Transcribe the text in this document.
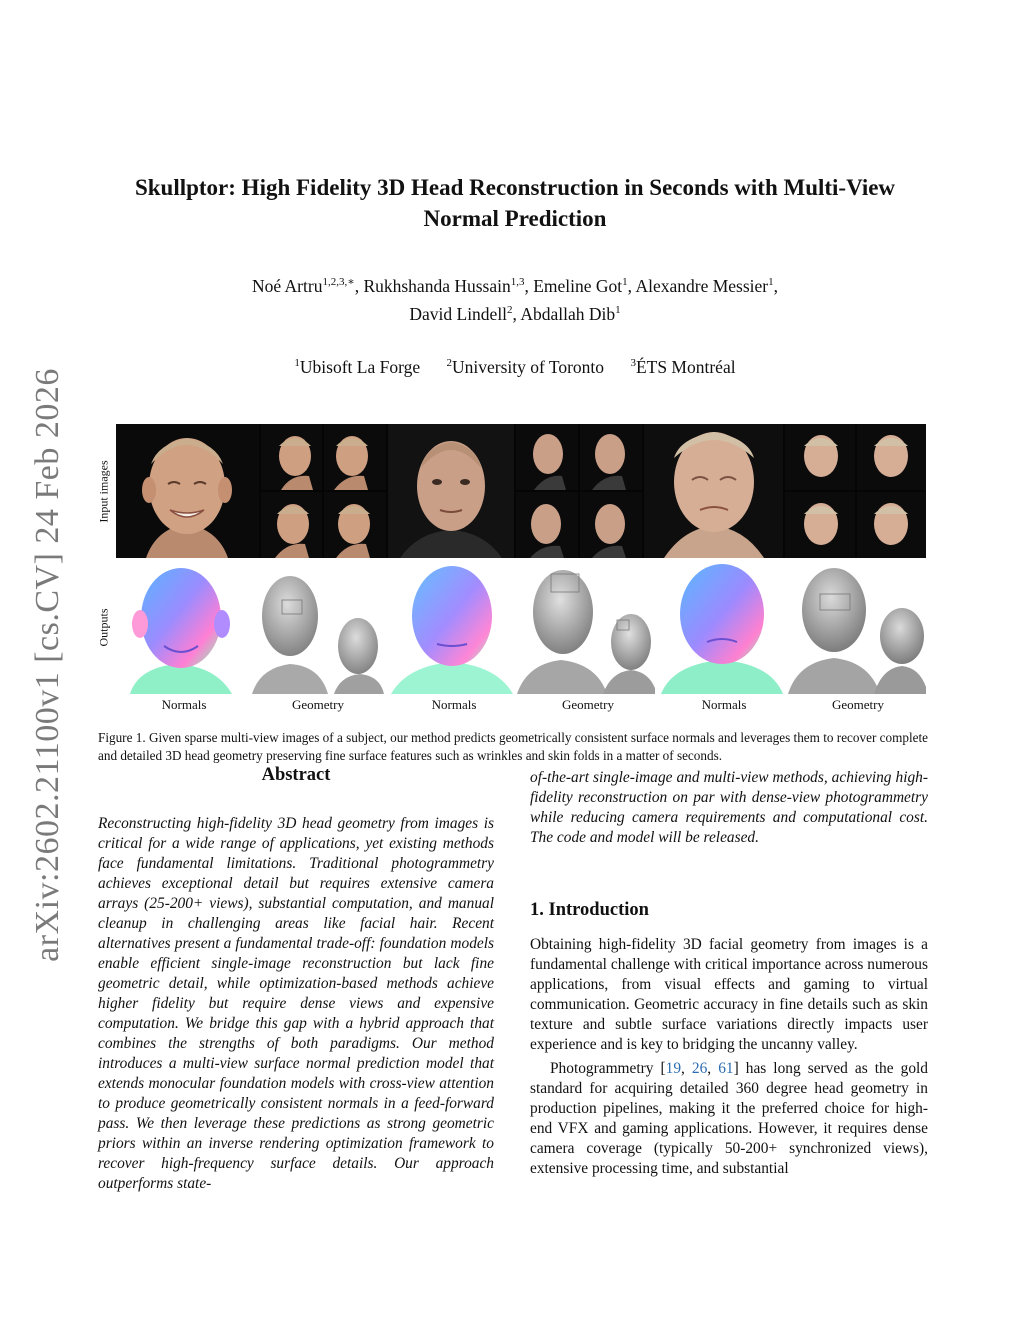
arXiv:2602.21100v1 [cs.CV] 24 Feb 2026
Skullptor: High Fidelity 3D Head Reconstruction in Seconds with Multi-View
Normal Prediction
Noé Artru$^{1,2,3,∗}$, Rukhshanda Hussain$^{1,3}$, Emeline Got$^1$, Alexandre Messier$^1$,
David Lindell$^2$, Abdallah Dib$^1$
$^1$Ubisoft La Forge $^2$University of Toronto $^3$ÉTS Montréal
Input images
Outputs
Normals	Geometry	Normals	Geometry	Normals	Geometry
Figure 1. Given sparse multi-view images of a subject, our method predicts geometrically consistent surface normals and leverages them to recover complete and detailed 3D head geometry preserving fine surface features such as wrinkles and skin folds in a matter of seconds.
Abstract

Reconstructing high-fidelity 3D head geometry from images is critical for a wide range of applications, yet existing methods face fundamental limitations. Traditional photogrammetry achieves exceptional detail but requires extensive camera arrays (25-200+ views), substantial computation, and manual cleanup in challenging areas like facial hair. Recent alternatives present a fundamental trade-off: foundation models enable efficient single-image reconstruction but lack fine geometric detail, while optimization-based methods achieve higher fidelity but require dense views and expensive computation. We bridge this gap with a hybrid approach that combines the strengths of both paradigms. Our method introduces a multi-view surface normal prediction model that extends monocular foundation models with cross-view attention to produce geometrically consistent normals in a feed-forward pass. We then leverage these predictions as strong geometric priors within an inverse rendering optimization framework to recover high-frequency surface details. Our approach outperforms state-

of-the-art single-image and multi-view methods, achieving high-fidelity reconstruction on par with dense-view photogrammetry while reducing camera requirements and computational cost. The code and model will be released.

1. Introduction

Obtaining high-fidelity 3D facial geometry from images is a fundamental challenge with critical importance across numerous applications, from visual effects and gaming to virtual communication. Geometric accuracy in fine details such as skin texture and subtle surface variations directly impacts user experience and is key to bridging the uncanny valley.

Photogrammetry [19, 26, 61] has long served as the gold standard for acquiring detailed 360 degree head geometry in production pipelines, making it the preferred choice for high-end VFX and gaming applications. However, it requires dense camera coverage (typically 50-200+ synchronized views), extensive processing time, and substantial
